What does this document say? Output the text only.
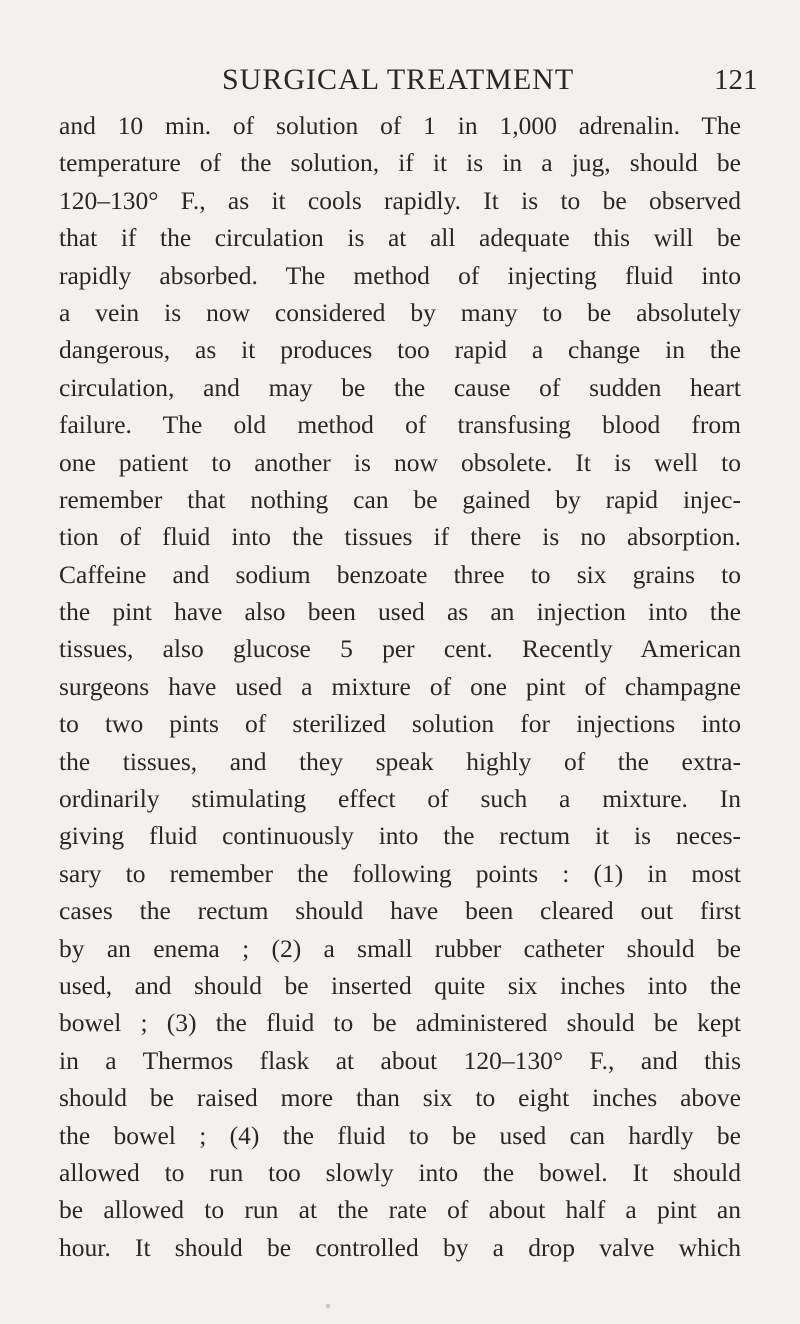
SURGICAL TREATMENT	121
and 10 min. of solution of 1 in 1,000 adrenalin. The
temperature of the solution, if it is in a jug, should be
120–130° F., as it cools rapidly. It is to be observed
that if the circulation is at all adequate this will be
rapidly absorbed. The method of injecting fluid into
a vein is now considered by many to be absolutely
dangerous, as it produces too rapid a change in the
circulation, and may be the cause of sudden heart
failure. The old method of transfusing blood from
one patient to another is now obsolete. It is well to
remember that nothing can be gained by rapid injec-
tion of fluid into the tissues if there is no absorption.
Caffeine and sodium benzoate three to six grains to
the pint have also been used as an injection into the
tissues, also glucose 5 per cent. Recently American
surgeons have used a mixture of one pint of champagne
to two pints of sterilized solution for injections into
the tissues, and they speak highly of the extra-
ordinarily stimulating effect of such a mixture. In
giving fluid continuously into the rectum it is neces-
sary to remember the following points : (1) in most
cases the rectum should have been cleared out first
by an enema ; (2) a small rubber catheter should be
used, and should be inserted quite six inches into the
bowel ; (3) the fluid to be administered should be kept
in a Thermos flask at about 120–130° F., and this
should be raised more than six to eight inches above
the bowel ; (4) the fluid to be used can hardly be
allowed to run too slowly into the bowel. It should
be allowed to run at the rate of about half a pint an
hour. It should be controlled by a drop valve which
